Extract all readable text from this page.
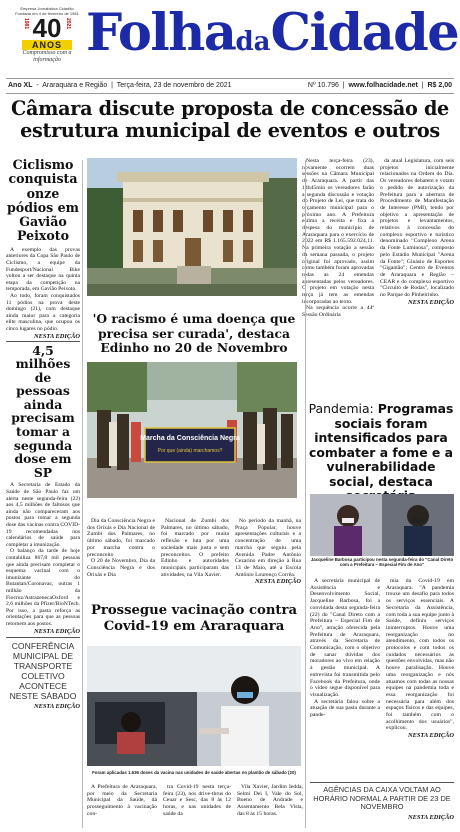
Empresa Jornalística Cidadão Fundada em 4 de fevereiro de 1981
1981 40 2021
ANOS
Compromisso com a informação FolhadaCidade
Ano XL  -  Araraquara e Região  |  Terça-feira, 23 de novembro de 2021	Nº 10.796  |  www.folhacidade.net  |  R$ 2,00
Câmara discute proposta de concessão de estrutura municipal de eventos e outros
Ciclismo conquista onze pódios em Gavião Peixoto

A exemplo das provas anteriores da Copa São Paulo de Ciclismo, a equipe da Fundesport/Nacional Bike voltou a ser destaque na quinta etapa da competição na temporada, em Gavião Peixoto.

Ao todo, foram conquistados 11 pódios na prova deste domingo (21), com destaque ainda maior para a categoria elite masculina, que ocupou os cinco lugares no pódio.

NESTA EDIÇÃO
4,5 milhões de pessoas ainda precisam tomar a segunda dose em SP

A Secretaria de Estado da Saúde de São Paulo faz um alerta neste segunda-feira (22) aos 4,5 milhões de faltosos que ainda não compareceram aos postos para tomar a segunda dose das vacinas contra COVID-19 recomendadas nos calendários de saúde para completar a imunização.

O balanço da tarde de hoje contabiliza 867,8 mil pessoas que ainda precisam completar o esquema vacinal com o imunizante do Butantan/Coronavac, outras 1 milhão da Fiocruz/AstrazenecaOxford e 2,6 milhões da Pfizer/BioNTech. Por isso, a pasta reforça as orientações para que as pessoas retornem aos postos.

NESTA EDIÇÃO
CONFERÊNCIA MUNICIPAL DE TRANSPORTE COLETIVO ACONTECE NESTE SÁBADO
NESTA EDIÇÃO

Nesta terça-feira (23), novamente ocorrem duas sessões na Câmara Municipal de Araraquara. A partir das 14h45min os vereadores farão a segunda discussão e votação do Projeto de Lei, que trata do orçamento municipal para o próximo ano. A Prefeitura estima a receita e fixa a despesa do município de Araraquara para o exercício de 2022 em R$ 1.165.592.024,11. Na primeira votação a sessão da semana passada, o projeto original foi aprovado, assim como também foram aprovadas todas as 24 emendas apresentadas pelos vereadores. O projeto em votação nesta terça já tem as emendas incorporadas ao texto.

Na sequência ocorre a 44ª Sessão Ordinária

da atual Legislatura, com seis projetos inicialmente relacionados na Ordem do Dia. Os vereadores debatem e votam o pedido de autorização da Prefeitura para a abertura de Procedimento de Manifestação de Interesse (PMI), tendo por objetivo a apresentação de projetos e levantamentos, relativos à concessão do complexo esportivo e turístico denominado "Complexo Arena da Fonte Luminosa", composto pelo Estádio Municipal "Arena da Fonte"; Ginásio de Esportes "Gigantão"; Centro de Eventos de Araraquara e Região – CEAR e do complexo esportivo "Circuito de Rodas", localizado no Parque do Pinheirinho.

NESTA EDIÇÃO
'O racismo é uma doença que precisa ser curada', destaca Edinho no 20 de Novembro
Marcha da Consciência Negra
Por que (ainda) marchamos?

Dia da Consciência Negra e dos Orixás e Dia Nacional de Zumbi dos Palmares, no último sábado, foi marcado por marcha contra o preconceito

O 20 de Novembro, Dia da Consciência Negra e dos Orixás e Dia

Nacional de Zumbi dos Palmares, no último sábado, foi marcado por muita reflexão e luta por uma sociedade mais justa e sem preconceitos. O prefeito Edinho e autoridades municipais participaram das atividades, na Vila Xavier.

No período da manhã, na Praça Popular, houve apresentações culturais e a concentração de uma marcha que seguiu pela Avenida Padre Antônio Cezarino em direção à Rua 13 de Maio, até a Escola Antônio Lourenço Corrêa.

NESTA EDIÇÃO
Pandemia: Programas sociais foram intensificados para combater a fome e a vulnerabilidade social, destaca
Jacqueline Barbosa participou nesta segunda-feira do "Canal Direto com a Prefeitura – Especial Fim de Ano"

A secretária municipal de Assistência e Desenvolvimento Social, Jacqueline Barbosa, foi a convidada desta segunda-feira (22) do "Canal Direto com a Prefeitura – Especial Fim de Ano", atração oferecida pela Prefeitura de Araraquara, através da Secretaria de Comunicação, com o objetivo de sanar dúvidas dos moradores ao vivo em relação à gestão municipal. A entrevista foi transmitida pelo Facebook da Prefeitura, onde o vídeo segue disponível para visualização.

A secretária falou sobre a atuação de sua pasta durante a pande-

mia da Covid-19 em Araraquara. "A pandemia trouxe um desafio para todos os serviços essenciais. A Secretaria da Assistência, com toda a sua equipe junto à Saúde, definiu serviços ininterruptos. Houve uma reorganização no atendimento, com todos os protocolos e com todos os cuidados necessários às questões envolvidas, mas não houve paralisação. Houve uma reorganização e nós atuamos com todas as nossas equipes na pandemia toda e essa reorganização foi necessária para além dos espaços físicos e das equipes, foi também com o acolhimento dos usuários", explicou.

NESTA EDIÇÃO
Prossegue vacinação contra Covid-19 em Araraquara
Foram aplicadas 1.636 doses da vacina nas unidades de saúde abertas no plantão de sábado (20)

A Prefeitura de Araraquara, por meio da Secretaria Municipal da Saúde, dá prosseguimento à vacinação con-

tra Covid-19 nesta terça-feira (23), nos drive-thrus do Ceuar e Sesc, das 8 às 12 horas, e nas unidades de saúde da

Vila Xavier, Jardim Iedda, Selmi Dei I, Vale do Sol, Bueno de Andrade e Assentamento Bela Vista, das 8 às 15 horas.

AGÊNCIAS DA CAIXA VOLTAM AO HORÁRIO NORMAL A PARTIR DE 23 DE NOVEMBRO
NESTA EDIÇÃO
